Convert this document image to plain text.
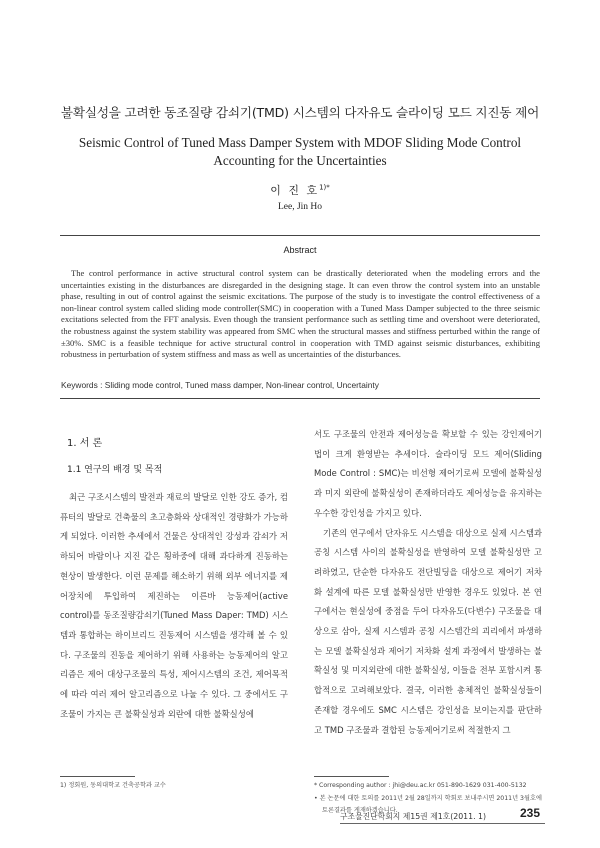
불확실성을 고려한 동조질량 감쇠기(TMD) 시스템의 다자유도 슬라이딩 모드 지진동 제어
Seismic Control of Tuned Mass Damper System with MDOF Sliding Mode Control Accounting for the Uncertainties
이 진 호$^{1)*}$
Lee, Jin Ho
Abstract
The control performance in active structural control system can be drastically deteriorated when the modeling errors and the uncertainties existing in the disturbances are disregarded in the designing stage. It can even throw the control system into an unstable phase, resulting in out of control against the seismic excitations. The purpose of the study is to investigate the control effectiveness of a non-linear control system called sliding mode controller(SMC) in cooperation with a Tuned Mass Damper subjected to the three seismic excitations selected from the FFT analysis. Even though the transient performance such as settling time and overshoot were deteriorated, the robustness against the system stability was appeared from SMC when the structural masses and stiffness perturbed within the range of ±30%. SMC is a feasible technique for active structural control in cooperation with TMD against seismic disturbances, exhibiting robustness in perturbation of system stiffness and mass as well as uncertainties of the disturbances.
Keywords : Sliding mode control, Tuned mass damper, Non-linear control, Uncertainty
1. 서 론
1.1 연구의 배경 및 목적

최근 구조시스템의 발전과 재료의 발달로 인한 강도 증가, 컴퓨터의 발달로 건축물의 초고층화와 상대적인 경량화가 가능하게 되었다. 이러한 추세에서 건물은 상대적인 강성과 감쇠가 저하되어 바람이나 지진 같은 횡하중에 대해 과다하게 진동하는 현상이 발생한다. 이런 문제를 해소하기 위해 외부 에너지를 제어장치에 투입하여 제진하는 이른바 능동제어(active control)를 동조질량감쇠기(Tuned Mass Daper: TMD) 시스템과 통합하는 하이브리드 진동제어 시스템을 생각해 볼 수 있다. 구조물의 진동을 제어하기 위해 사용하는 능동제어의 알고리즘은 제어 대상구조물의 특성, 제어시스템의 조건, 제어목적에 따라 여러 제어 알고리즘으로 나눌 수 있다. 그 중에서도 구조물이 가지는 큰 불확실성과 외란에 대한 불확실성에

서도 구조물의 안전과 제어성능을 확보할 수 있는 강인제어기법이 크게 환영받는 추세이다. 슬라이딩 모드 제어(Sliding Mode Control : SMC)는 비선형 제어기로써 모델에 불확실성과 미지 외란에 불확실성이 존재하더라도 제어성능을 유지하는 우수한 강인성을 가지고 있다.

기존의 연구에서 단자유도 시스템을 대상으로 실제 시스템과 공칭 시스템 사이의 불확실성을 반영하여 모델 불확실성만 고려하였고, 단순한 다자유도 전단빌딩을 대상으로 제어기 저차화 설계에 따른 모델 불확실성만 반영한 경우도 있었다. 본 연구에서는 현실성에 중점을 두어 다자유도(다변수) 구조물을 대상으로 삼아, 실제 시스템과 공칭 시스템간의 괴리에서 파생하는 모델 불확실성과 제어기 저차화 설계 과정에서 발생하는 불확실성 및 미지외란에 대한 불확실성, 이들을 전부 포함시켜 통합적으로 고려해보았다. 결국, 이러한 총체적인 불확실성들이 존재할 경우에도 SMC 시스템은 강인성을 보이는지를 판단하고 TMD 구조물과 결합된 능동제어기로써 적절한지 그

1) 정회원, 동의대학교 건축공학과 교수	* Corresponding author : jhi@deu.ac.kr 051-890-1629 031-400-5132
• 본 논문에 대한 토의를 2011년 2월 28일까지 학회로 보내주시면 2011년 3월호에 토론결과를 게재하겠습니다.
구조물진단학회지 제15권 제1호(2011. 1)	235
